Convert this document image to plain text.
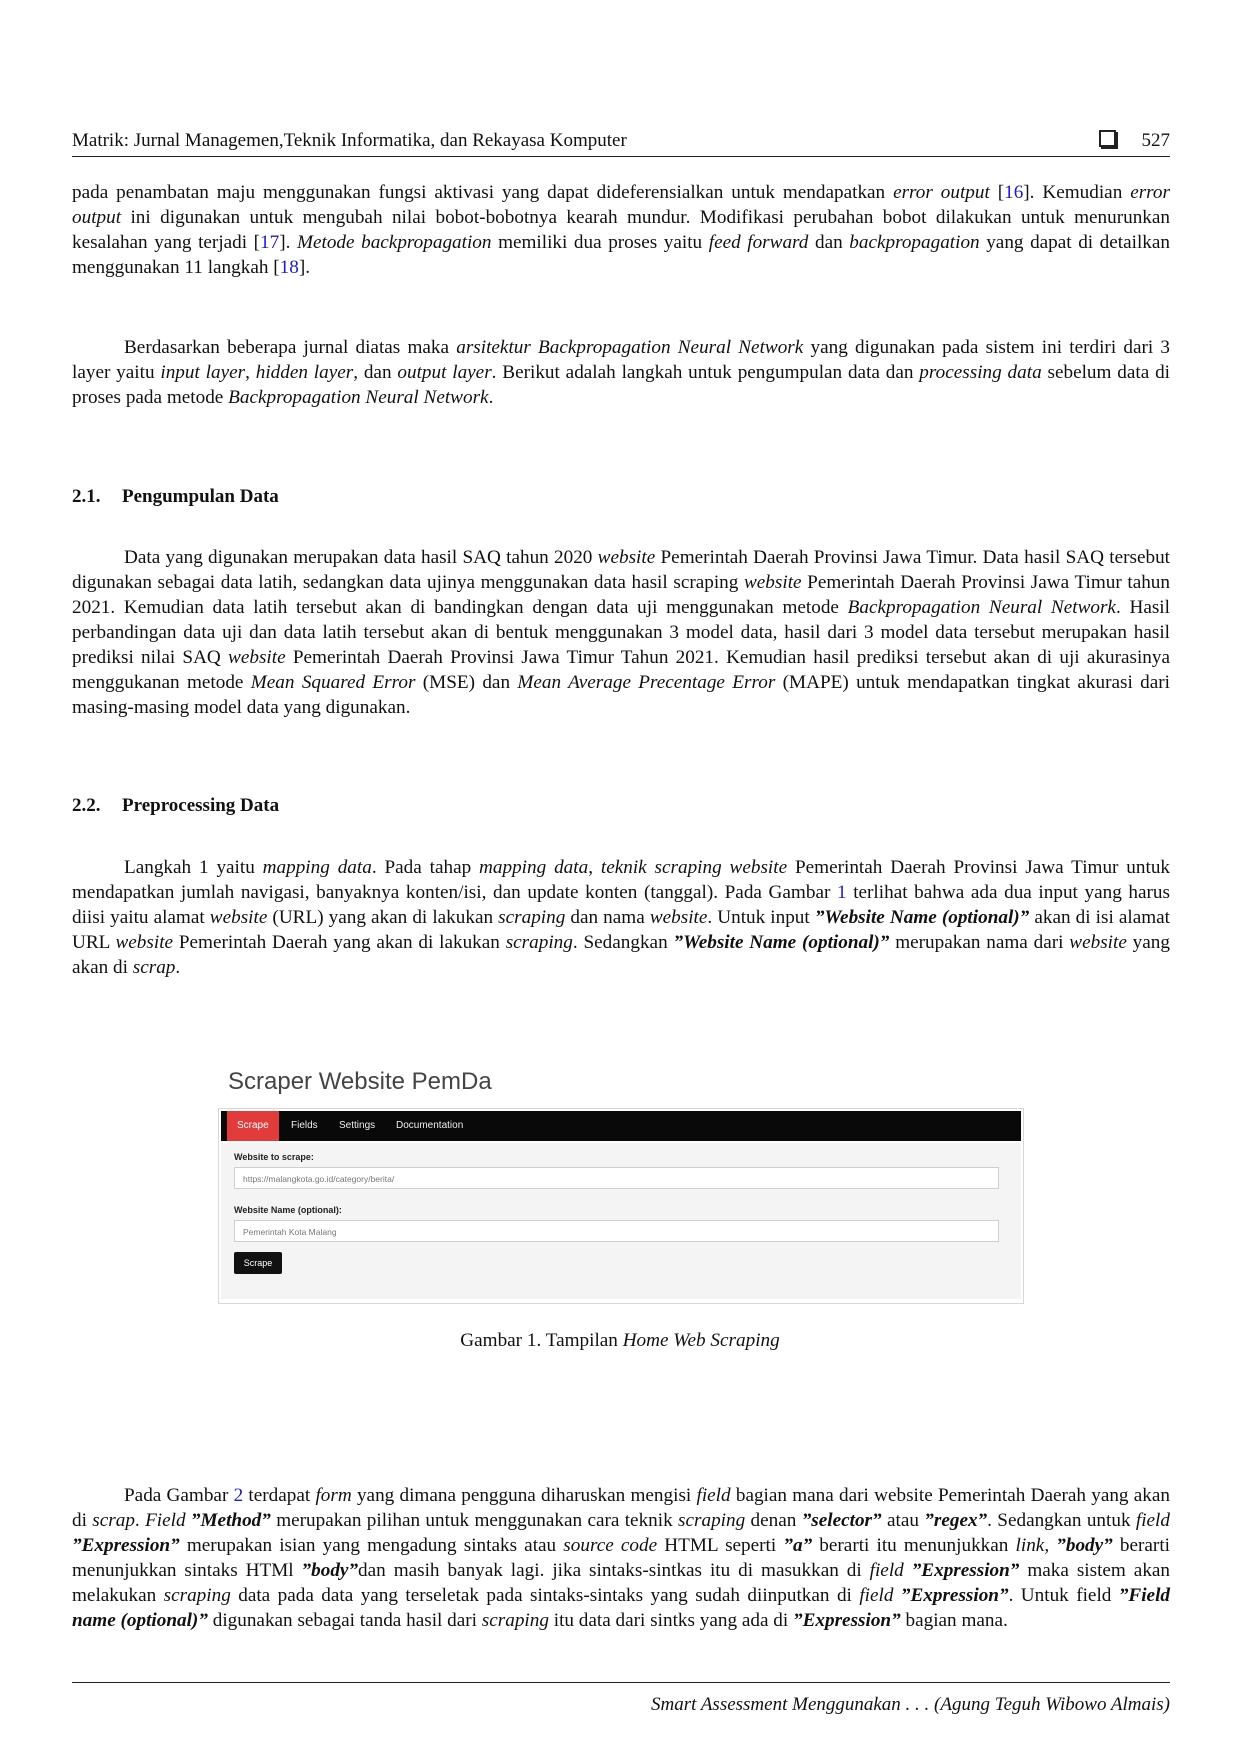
Matrik: Jurnal Managemen,Teknik Informatika, dan Rekayasa Komputer	527

pada penambatan maju menggunakan fungsi aktivasi yang dapat dideferensialkan untuk mendapatkan error output [16]. Kemudian error output ini digunakan untuk mengubah nilai bobot-bobotnya kearah mundur. Modifikasi perubahan bobot dilakukan untuk menurunkan kesalahan yang terjadi [17]. Metode backpropagation memiliki dua proses yaitu feed forward dan backpropagation yang dapat di detailkan menggunakan 11 langkah [18].

Berdasarkan beberapa jurnal diatas maka arsitektur Backpropagation Neural Network yang digunakan pada sistem ini terdiri dari 3 layer yaitu input layer, hidden layer, dan output layer. Berikut adalah langkah untuk pengumpulan data dan processing data sebelum data di proses pada metode Backpropagation Neural Network.

2.1. Pengumpulan Data

Data yang digunakan merupakan data hasil SAQ tahun 2020 website Pemerintah Daerah Provinsi Jawa Timur. Data hasil SAQ tersebut digunakan sebagai data latih, sedangkan data ujinya menggunakan data hasil scraping website Pemerintah Daerah Provinsi Jawa Timur tahun 2021. Kemudian data latih tersebut akan di bandingkan dengan data uji menggunakan metode Backpropagation Neural Network. Hasil perbandingan data uji dan data latih tersebut akan di bentuk menggunakan 3 model data, hasil dari 3 model data tersebut merupakan hasil prediksi nilai SAQ website Pemerintah Daerah Provinsi Jawa Timur Tahun 2021. Kemudian hasil prediksi tersebut akan di uji akurasinya menggukanan metode Mean Squared Error (MSE) dan Mean Average Precentage Error (MAPE) untuk mendapatkan tingkat akurasi dari masing-masing model data yang digunakan.

2.2. Preprocessing Data

Langkah 1 yaitu mapping data. Pada tahap mapping data, teknik scraping website Pemerintah Daerah Provinsi Jawa Timur untuk mendapatkan jumlah navigasi, banyaknya konten/isi, dan update konten (tanggal). Pada Gambar 1 terlihat bahwa ada dua input yang harus diisi yaitu alamat website (URL) yang akan di lakukan scraping dan nama website. Untuk input ”Website Name (optional)” akan di isi alamat URL website Pemerintah Daerah yang akan di lakukan scraping. Sedangkan ”Website Name (optional)” merupakan nama dari website yang akan di scrap.

Scraper Website PemDa
Scrape	Fields	Settings	Documentation
Website to scrape:
https://malangkota.go.id/category/berita/
Website Name (optional):
Pemerintah Kota Malang
Scrape
Gambar 1. Tampilan Home Web Scraping

Pada Gambar 2 terdapat form yang dimana pengguna diharuskan mengisi field bagian mana dari website Pemerintah Daerah yang akan di scrap. Field ”Method” merupakan pilihan untuk menggunakan cara teknik scraping denan ”selector” atau ”regex”. Sedangkan untuk field ”Expression” merupakan isian yang mengadung sintaks atau source code HTML seperti ”a” berarti itu menunjukkan link, ”body” berarti menunjukkan sintaks HTMl ”body”dan masih banyak lagi. jika sintaks-sintkas itu di masukkan di field ”Expression” maka sistem akan melakukan scraping data pada data yang terseletak pada sintaks-sintaks yang sudah diinputkan di field ”Expression”. Untuk field ”Field name (optional)” digunakan sebagai tanda hasil dari scraping itu data dari sintks yang ada di ”Expression” bagian mana.

Smart Assessment Menggunakan . . . (Agung Teguh Wibowo Almais)
